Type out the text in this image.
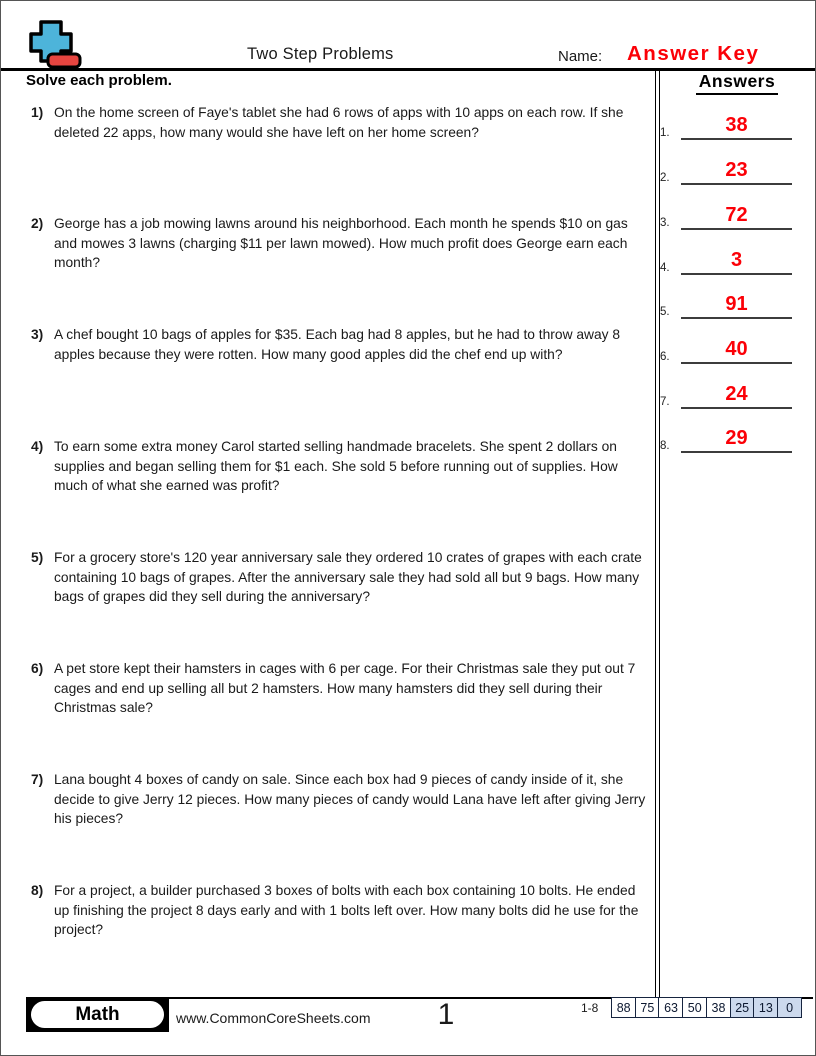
Two Step Problems	Name: Answer Key
Solve each problem.
1) On the home screen of Faye's tablet she had 6 rows of apps with 10 apps on each row. If she deleted 22 apps, how many would she have left on her home screen?
2) George has a job mowing lawns around his neighborhood. Each month he spends $10 on gas and mowes 3 lawns (charging $11 per lawn mowed). How much profit does George earn each month?
3) A chef bought 10 bags of apples for $35. Each bag had 8 apples, but he had to throw away 8 apples because they were rotten. How many good apples did the chef end up with?
4) To earn some extra money Carol started selling handmade bracelets. She spent 2 dollars on supplies and began selling them for $1 each. She sold 5 before running out of supplies. How much of what she earned was profit?
5) For a grocery store's 120 year anniversary sale they ordered 10 crates of grapes with each crate containing 10 bags of grapes. After the anniversary sale they had sold all but 9 bags. How many bags of grapes did they sell during the anniversary?
6) A pet store kept their hamsters in cages with 6 per cage. For their Christmas sale they put out 7 cages and end up selling all but 2 hamsters. How many hamsters did they sell during their Christmas sale?
7) Lana bought 4 boxes of candy on sale. Since each box had 9 pieces of candy inside of it, she decide to give Jerry 12 pieces. How many pieces of candy would Lana have left after giving Jerry his pieces?
8) For a project, a builder purchased 3 boxes of bolts with each box containing 10 bolts. He ended up finishing the project 8 days early and with 1 bolts left over. How many bolts did he use for the project?
Answers
1.	38
2.	23
3.	72
4.	3
5.	91
6.	40
7.	24
8.	29
Math	www.CommonCoreSheets.com	1	1-8	88 75 63 50 38 25 13	0
